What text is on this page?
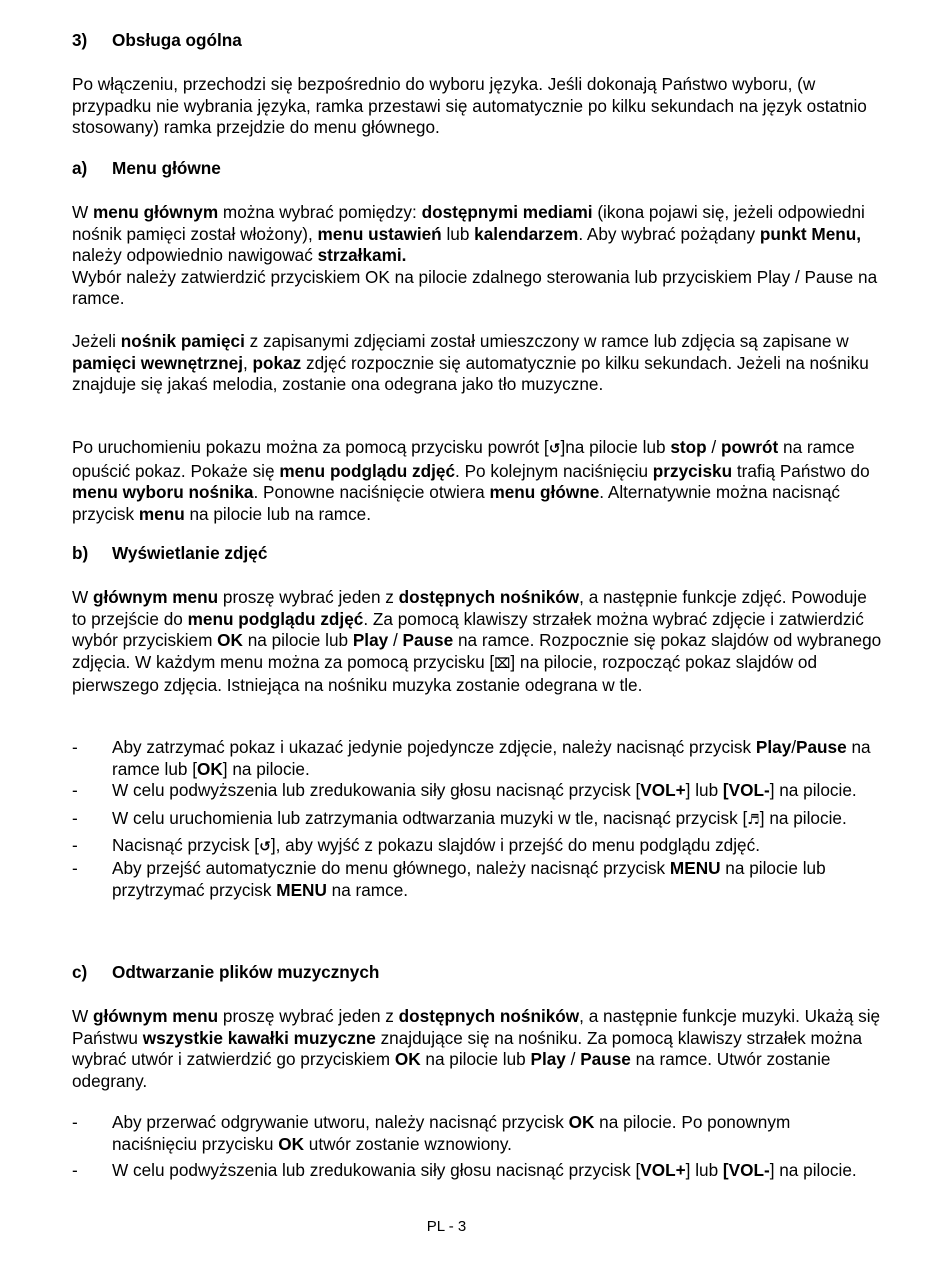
3) Obsługa ogólna

Po włączeniu, przechodzi się bezpośrednio do wyboru języka. Jeśli dokonają Państwo wyboru, (w przypadku nie wybrania języka, ramka przestawi się automatycznie po kilku sekundach na język ostatnio stosowany) ramka przejdzie do menu głównego.

a) Menu główne

W menu głównym można wybrać pomiędzy: dostępnymi mediami (ikona pojawi się, jeżeli odpowiedni nośnik pamięci został włożony), menu ustawień lub kalendarzem. Aby wybrać pożądany punkt Menu, należy odpowiednio nawigować strzałkami.

Wybór należy zatwierdzić przyciskiem OK na pilocie zdalnego sterowania lub przyciskiem Play / Pause na ramce.

Jeżeli nośnik pamięci z zapisanymi zdjęciami został umieszczony w ramce lub zdjęcia są zapisane w pamięci wewnętrznej, pokaz zdjęć rozpocznie się automatycznie po kilku sekundach. Jeżeli na nośniku znajduje się jakaś melodia, zostanie ona odegrana jako tło muzyczne.

Po uruchomieniu pokazu można za pomocą przycisku powrót [↺]na pilocie lub stop / powrót na ramce opuścić pokaz. Pokaże się menu podglądu zdjęć. Po kolejnym naciśnięciu przycisku trafią Państwo do menu wyboru nośnika. Ponowne naciśnięcie otwiera menu główne. Alternatywnie można nacisnąć przycisk menu na pilocie lub na ramce.

b) Wyświetlanie zdjęć

W głównym menu proszę wybrać jeden z dostępnych nośników, a następnie funkcje zdjęć. Powoduje to przejście do menu podglądu zdjęć. Za pomocą klawiszy strzałek można wybrać zdjęcie i zatwierdzić wybór przyciskiem OK na pilocie lub Play / Pause na ramce. Rozpocznie się pokaz slajdów od wybranego zdjęcia. W każdym menu można za pomocą przycisku [⌧] na pilocie, rozpocząć pokaz slajdów od pierwszego zdjęcia. Istniejąca na nośniku muzyka zostanie odegrana w tle.

- Aby zatrzymać pokaz i ukazać jedynie pojedyncze zdjęcie, należy nacisnąć przycisk Play/Pause na ramce lub [OK] na pilocie.
- W celu podwyższenia lub zredukowania siły głosu nacisnąć przycisk [VOL+] lub [VOL-] na pilocie.
- W celu uruchomienia lub zatrzymania odtwarzania muzyki w tle, nacisnąć przycisk [♬] na pilocie.
- Nacisnąć przycisk [↺], aby wyjść z pokazu slajdów i przejść do menu podglądu zdjęć.
- Aby przejść automatycznie do menu głównego, należy nacisnąć przycisk MENU na pilocie lub przytrzymać przycisk MENU na ramce.
c) Odtwarzanie plików muzycznych

W głównym menu proszę wybrać jeden z dostępnych nośników, a następnie funkcje muzyki. Ukażą się Państwu wszystkie kawałki muzyczne znajdujące się na nośniku. Za pomocą klawiszy strzałek można wybrać utwór i zatwierdzić go przyciskiem OK na pilocie lub Play / Pause na ramce. Utwór zostanie odegrany.

- Aby przerwać odgrywanie utworu, należy nacisnąć przycisk OK na pilocie. Po ponownym naciśnięciu przycisku OK utwór zostanie wznowiony.
- W celu podwyższenia lub zredukowania siły głosu nacisnąć przycisk [VOL+] lub [VOL-] na pilocie.
PL - 3
